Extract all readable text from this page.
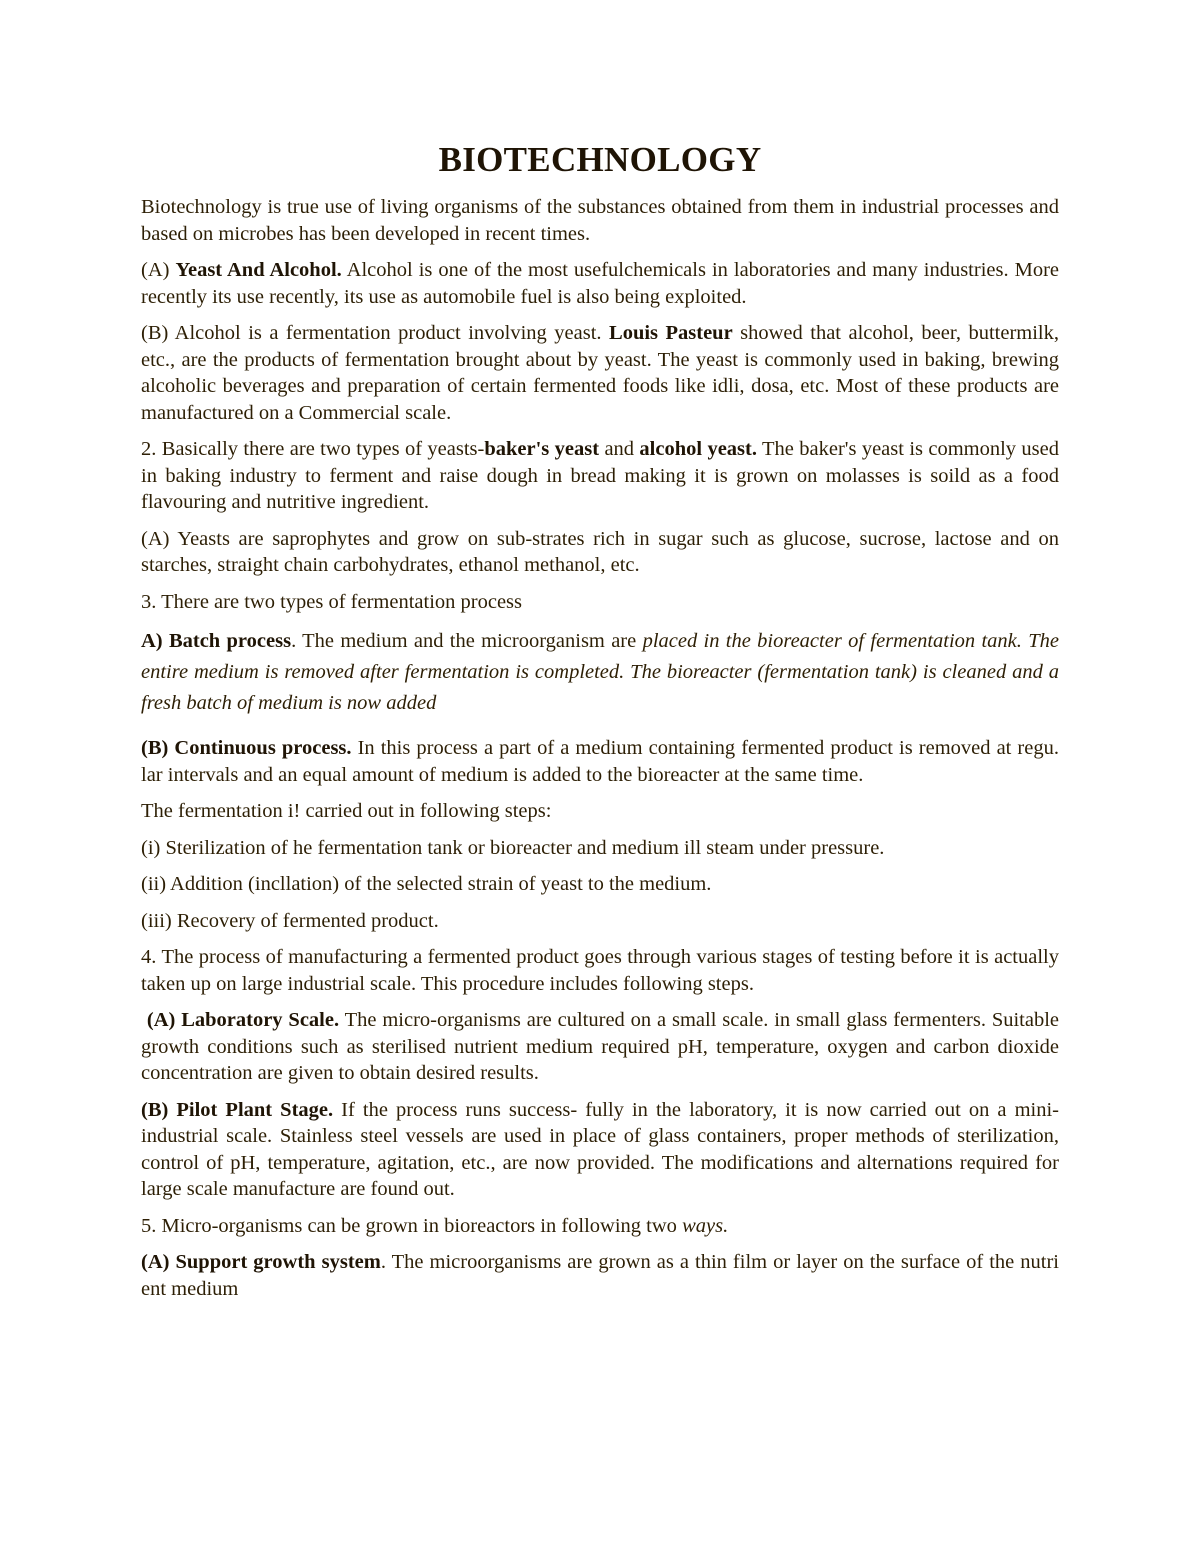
BIOTECHNOLOGY

Biotechnology is true use of living organisms of the substances obtained from them in industrial processes and based on microbes has been developed in recent times.

(A) Yeast And Alcohol. Alcohol is one of the most usefulchemicals in laboratories and many industries. More recently its use recently, its use as automobile fuel is also being exploited.

(B) Alcohol is a fermentation product involving yeast. Louis Pasteur showed that alcohol, beer, buttermilk, etc., are the products of fermentation brought about by yeast. The yeast is commonly used in baking, brewing alcoholic beverages and preparation of certain fermented foods like idli, dosa, etc. Most of these products are manufactured on a Commercial scale.

2. Basically there are two types of yeasts-baker's yeast and alcohol yeast. The baker's yeast is commonly used in baking industry to ferment and raise dough in bread making it is grown on molasses is soild as a food flavouring and nutritive ingredient.

(A) Yeasts are saprophytes and grow on sub-strates rich in sugar such as glucose, sucrose, lactose and on starches, straight chain carbohydrates, ethanol methanol, etc.

3. There are two types of fermentation process

A) Batch process. The medium and the microorganism are placed in the bioreacter of fermentation tank. The entire medium is removed after fermentation is completed. The bioreacter (fermentation tank) is cleaned and a fresh batch of medium is now added

(B) Continuous process. In this process a part of a medium containing fermented product is removed at regu. lar intervals and an equal amount of medium is added to the bioreacter at the same time.

The fermentation i! carried out in following steps:

(i) Sterilization of he fermentation tank or bioreacter and medium ill steam under pressure.

(ii) Addition (incllation) of the selected strain of yeast to the medium.

(iii) Recovery of fermented product.

4. The process of manufacturing a fermented product goes through various stages of testing before it is actually taken up on large industrial scale. This procedure includes following steps.

(A) Laboratory Scale. The micro-organisms are cultured on a small scale. in small glass fermenters. Suitable growth conditions such as sterilised nutrient medium required pH, temperature, oxygen and carbon dioxide concentration are given to obtain desired results.

(B) Pilot Plant Stage. If the process runs success- fully in the laboratory, it is now carried out on a mini-industrial scale. Stainless steel vessels are used in place of glass containers, proper methods of sterilization, control of pH, temperature, agitation, etc., are now provided. The modifications and alternations required for large scale manufacture are found out.

5. Micro-organisms can be grown in bioreactors in following two ways.

(A) Support growth system. The microorganisms are grown as a thin film or layer on the surface of the nutri ent medium
